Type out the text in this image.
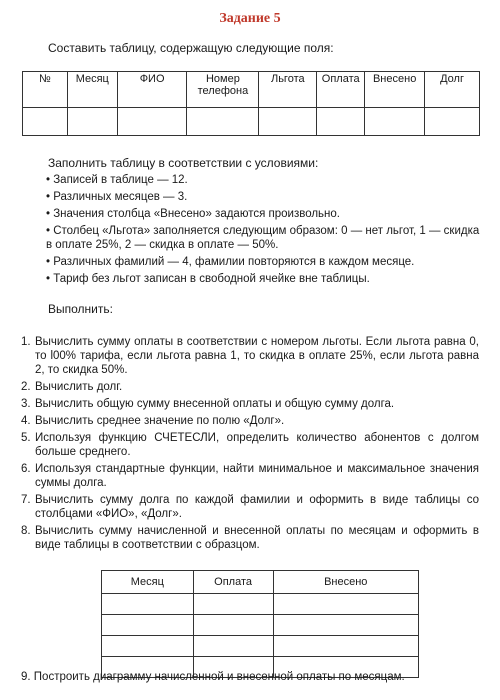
Задание 5
Составить таблицу, содержащую следующие поля:
№	Месяц	ФИО	Номер телефона	Льгота	Оплата	Внесено	Долг

Заполнить таблицу в соответствии с условиями:
• Записей в таблице — 12.
• Различных месяцев — 3.
• Значения столбца «Внесено» задаются произвольно.
• Столбец «Льгота» заполняется следующим образом: 0 — нет льгот, 1 — скидка в оплате 25%, 2 — скидка в оплате — 50%.
• Различных фамилий — 4, фамилии повторяются в каждом месяце.
• Тариф без льгот записан в свободной ячейке вне таблицы.
Выполнить:
1. Вычислить сумму оплаты в соответствии с номером льготы. Если льгота равна 0, то l00% тарифа, если льгота равна 1, то скидка в оплате 25%, если льгота равна 2, то скидка 50%.
2. Вычислить долг.
3. Вычислить общую сумму внесенной оплаты и общую сумму долга.
4. Вычислить среднее значение по полю «Долг».
5. Используя функцию СЧЕТЕСЛИ, определить количество абонентов с долгом больше среднего.
6. Используя стандартные функции, найти минимальное и максимальное значения суммы долга.
7. Вычислить сумму долга по каждой фамилии и оформить в виде таблицы со столбцами «ФИО», «Долг».
8. Вычислить сумму начисленной и внесенной оплаты по месяцам и оформить в виде таблицы в соответствии с образцом.
Месяц	Оплата	Внесено

9. Построить диаграмму начисленной и внесенной оплаты по месяцам.
